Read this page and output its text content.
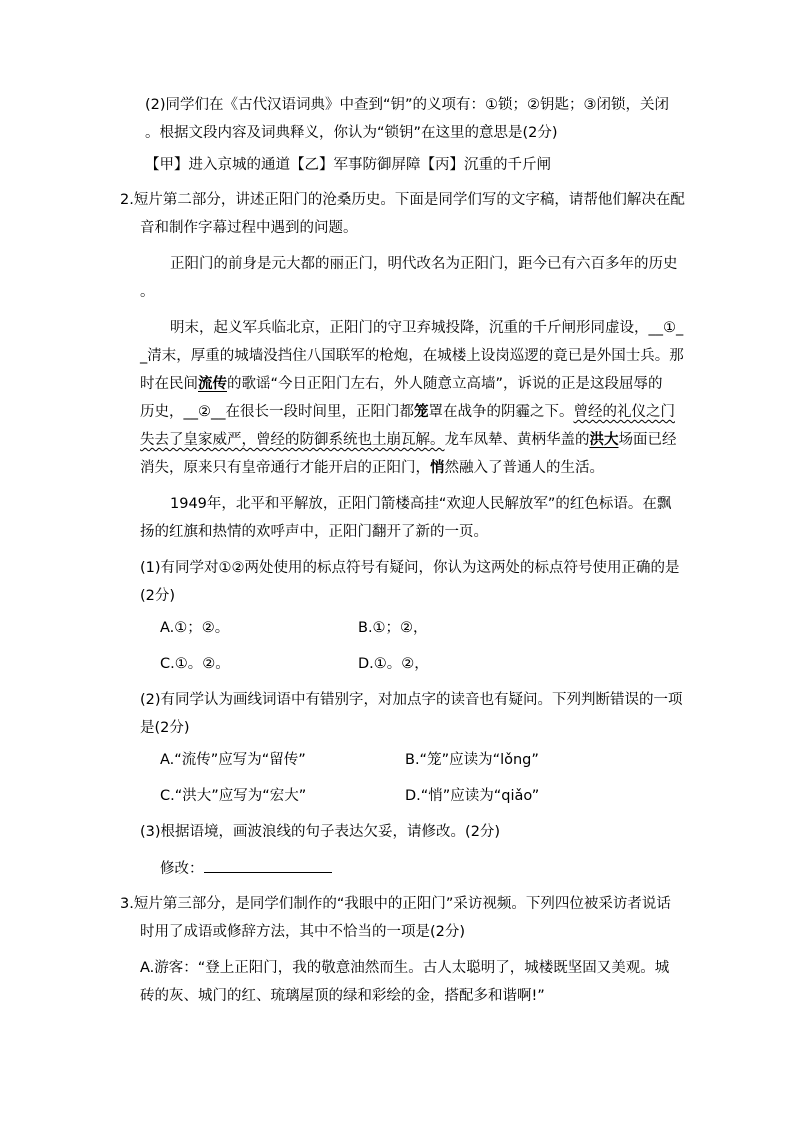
(2)同学们在《古代汉语词典》中查到“钥”的义项有：①锁；②钥匙；③闭锁，关闭
。根据文段内容及词典释义，你认为“锁钥”在这里的意思是(2分)
【甲】进入京城的通道【乙】军事防御屏障【丙】沉重的千斤闸
2.短片第二部分，讲述正阳门的沧桑历史。下面是同学们写的文字稿，请帮他们解决在配
音和制作字幕过程中遇到的问题。
正阳门的前身是元大都的丽正门，明代改名为正阳门，距今已有六百多年的历史
。
明末，起义军兵临北京，正阳门的守卫弃城投降，沉重的千斤闸形同虚设，__①_
_清末，厚重的城墙没挡住八国联军的枪炮，在城楼上设岗巡逻的竟已是外国士兵。那
时在民间流传的歌谣“今日正阳门左右，外人随意立高墙”，诉说的正是这段屈辱的
历史，__②__在很长一段时间里，正阳门都笼罩在战争的阴霾之下。曾经的礼仪之门
失去了皇家威严，曾经的防御系统也土崩瓦解。龙车凤辇、黄柄华盖的洪大场面已经
消失，原来只有皇帝通行才能开启的正阳门，悄然融入了普通人的生活。
1949年，北平和平解放，正阳门箭楼高挂“欢迎人民解放军”的红色标语。在飘
扬的红旗和热情的欢呼声中，正阳门翻开了新的一页。
(1)有同学对①②两处使用的标点符号有疑问，你认为这两处的标点符号使用正确的是
(2分)
A.①；②。	B.①；②，
C.①。②。	D.①。②，
(2)有同学认为画线词语中有错别字，对加点字的读音也有疑问。下列判断错误的一项
是(2分)
A.“流传”应写为“留传”	B.“笼”应读为“lǒng”
C.“洪大”应写为“宏大”	D.“悄”应读为“qiǎo”
(3)根据语境，画波浪线的句子表达欠妥，请修改。(2分)
修改：
3.短片第三部分，是同学们制作的“我眼中的正阳门”采访视频。下列四位被采访者说话
时用了成语或修辞方法，其中不恰当的一项是(2分)
A.游客：“登上正阳门，我的敬意油然而生。古人太聪明了，城楼既坚固又美观。城
砖的灰、城门的红、琉璃屋顶的绿和彩绘的金，搭配多和谐啊!”
